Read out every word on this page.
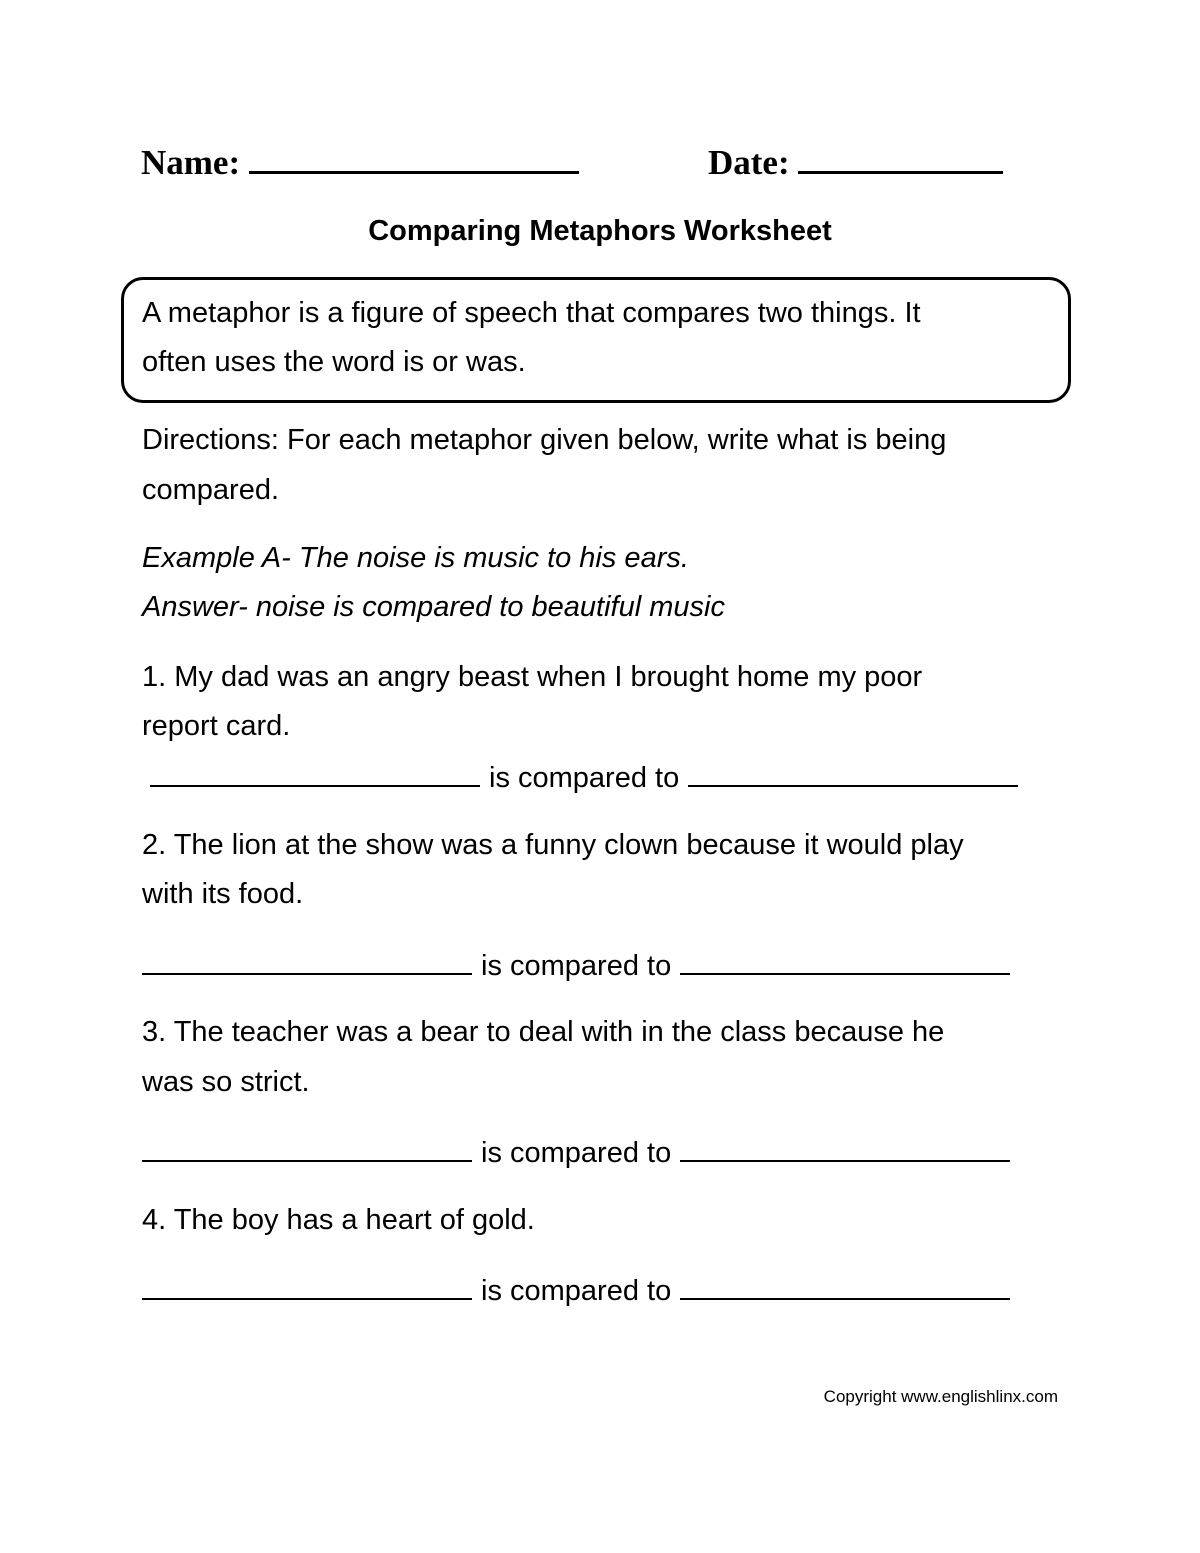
Name:	Date:
Comparing Metaphors Worksheet
A metaphor is a figure of speech that compares two things. It
often uses the word is or was.
Directions: For each metaphor given below, write what is being
compared.
Example A- The noise is music to his ears.
Answer- noise is compared to beautiful music
1. My dad was an angry beast when I brought home my poor
report card.
is compared to
2. The lion at the show was a funny clown because it would play
with its food.
is compared to
3. The teacher was a bear to deal with in the class because he
was so strict.
is compared to
4. The boy has a heart of gold.
is compared to
Copyright www.englishlinx.com
